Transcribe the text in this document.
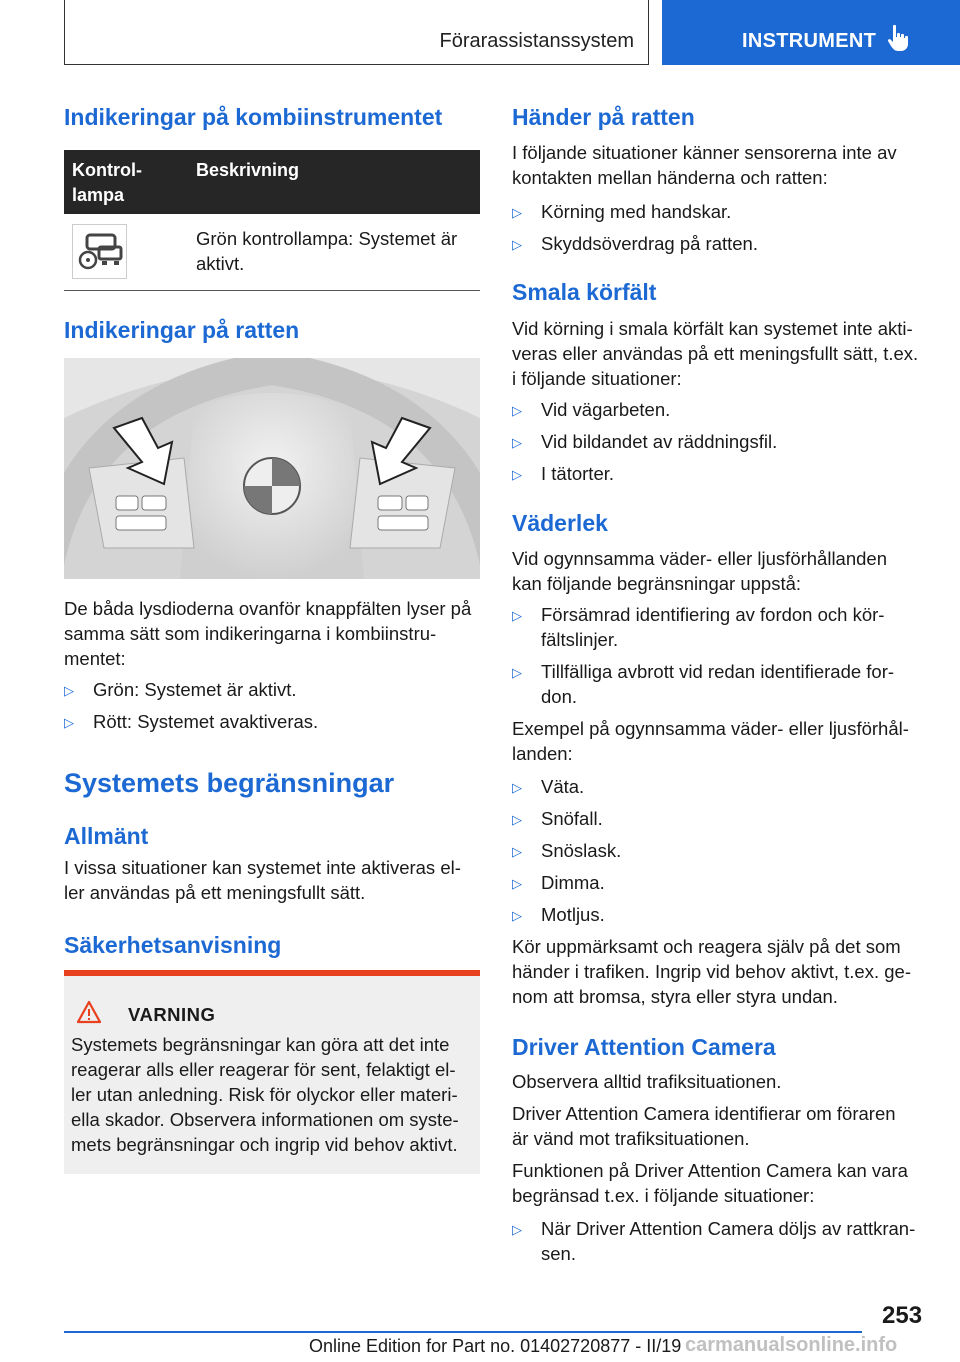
Förarassistanssystem	INSTRUMENT
Indikeringar på kombiinstrumentet
Kontrol-
lampa
Beskrivning
Grön kontrollampa: Systemet är
aktivt.
Indikeringar på ratten
De båda lysdioderna ovanför knappfälten lyser på
samma sätt som indikeringarna i kombiinstru-
mentet:
▷ Grön: Systemet är aktivt.
▷ Rött: Systemet avaktiveras.
Systemets begränsningar
Allmänt
I vissa situationer kan systemet inte aktiveras el-
ler användas på ett meningsfullt sätt.
Säkerhetsanvisning
VARNING
Systemets begränsningar kan göra att det inte
reagerar alls eller reagerar för sent, felaktigt el-
ler utan anledning. Risk för olyckor eller materi-
ella skador. Observera informationen om syste-
mets begränsningar och ingrip vid behov aktivt.
Händer på ratten
I följande situationer känner sensorerna inte av
kontakten mellan händerna och ratten:
▷ Körning med handskar.
▷ Skyddsöverdrag på ratten.
Smala körfält
Vid körning i smala körfält kan systemet inte akti-
veras eller användas på ett meningsfullt sätt, t.ex.
i följande situationer:
▷ Vid vägarbeten.
▷ Vid bildandet av räddningsfil.
▷ I tätorter.
Väderlek
Vid ogynnsamma väder- eller ljusförhållanden
kan följande begränsningar uppstå:
▷ Försämrad identifiering av fordon och kör-
fältslinjer.
▷ Tillfälliga avbrott vid redan identifierade for-
don.
Exempel på ogynnsamma väder- eller ljusförhål-
landen:
▷ Väta.
▷ Snöfall.
▷ Snöslask.
▷ Dimma.
▷ Motljus.
Kör uppmärksamt och reagera själv på det som
händer i trafiken. Ingrip vid behov aktivt, t.ex. ge-
nom att bromsa, styra eller styra undan.
Driver Attention Camera
Observera alltid trafiksituationen.
Driver Attention Camera identifierar om föraren
är vänd mot trafiksituationen.
Funktionen på Driver Attention Camera kan vara
begränsad t.ex. i följande situationer:
▷ När Driver Attention Camera döljs av rattkran-
sen.
253
Online Edition for Part no. 01402720877 - II/19 carmanualsonline.info
